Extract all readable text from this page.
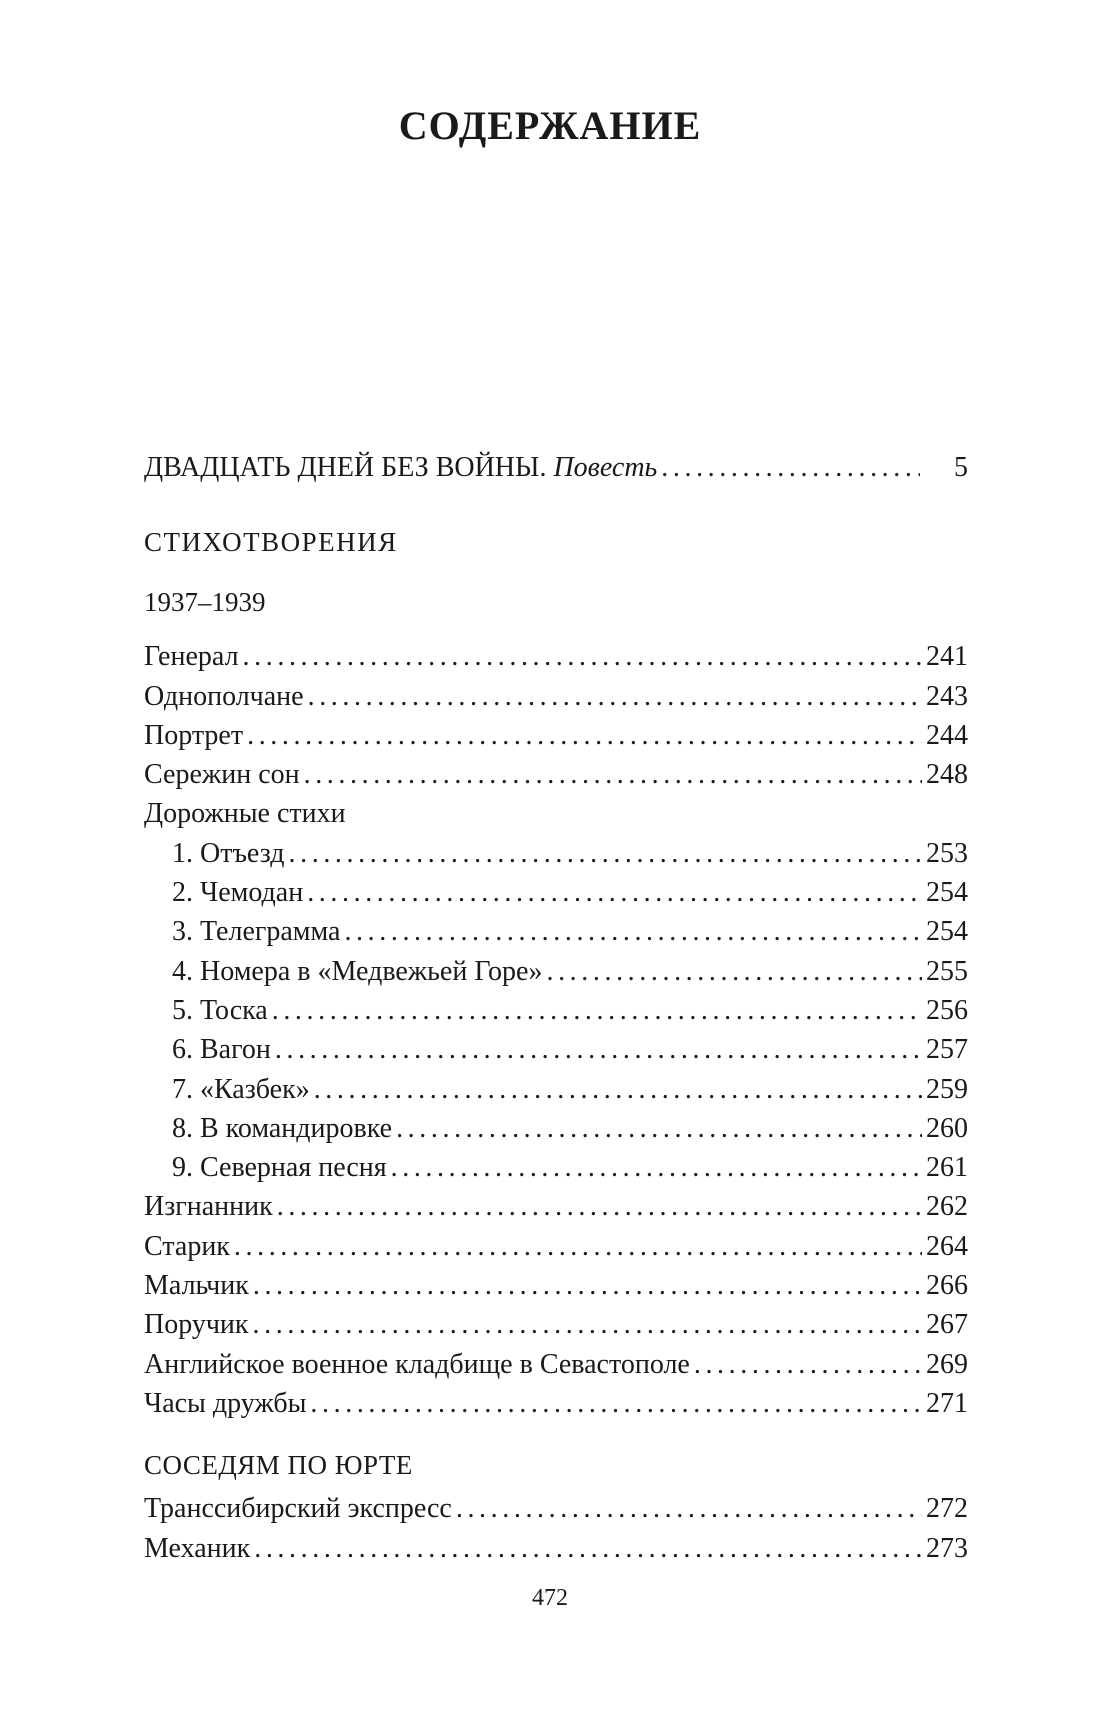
СОДЕРЖАНИЕ
ДВАДЦАТЬ ДНЕЙ БЕЗ ВОЙНЫ. Повесть . . .	5
СТИХОТВОРЕНИЯ
1937–1939
Генерал . . .	241
Однополчане . . .	243
Портрет . . .	244
Сережин сон . . .	248
Дорожные стихи
1. Отъезд . . .	253
2. Чемодан . . .	254
3. Телеграмма . . .	254
4. Номера в «Медвежьей Горе» . . .	255
5. Тоска . . .	256
6. Вагон . . .	257
7. «Казбек» . . .	259
8. В командировке . . .	260
9. Северная песня . . .	261
Изгнанник . . .	262
Старик . . .	264
Мальчик . . .	266
Поручик . . .	267
Английское военное кладбище в Севастополе . . .	269
Часы дружбы . . .	271
СОСЕДЯМ ПО ЮРТЕ
Транссибирский экспресс . . .	272
Механик . . .	273
472
